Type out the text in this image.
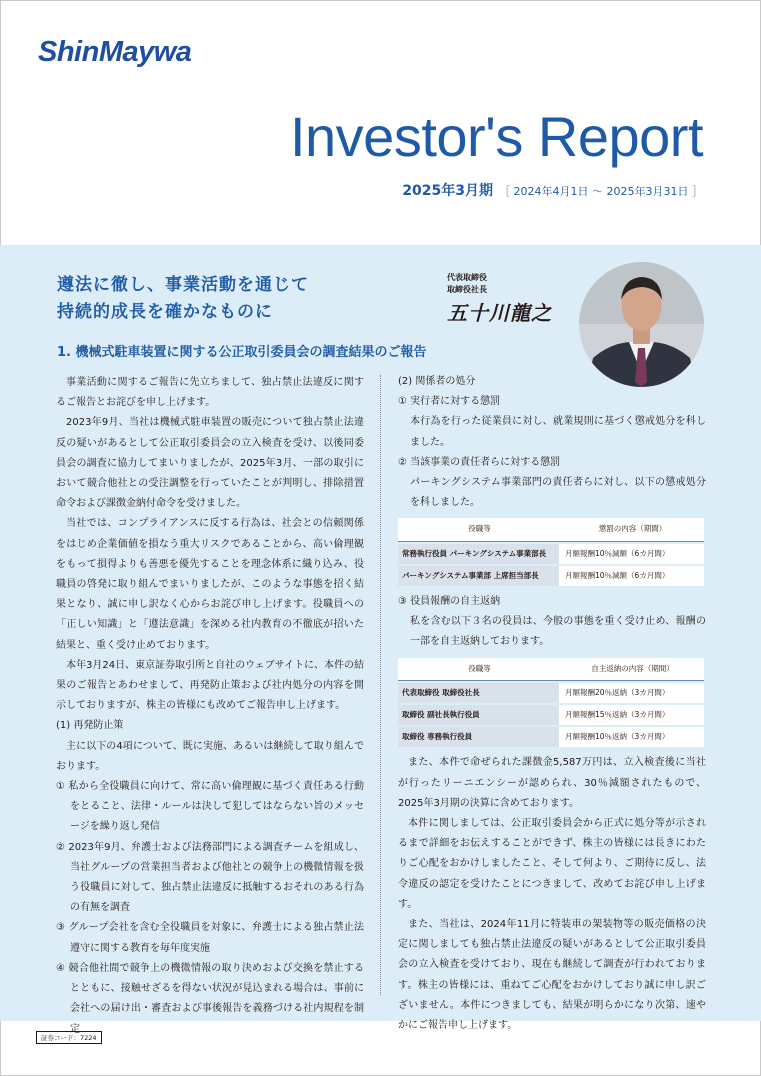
ShinMaywa
Investor's Report
2025年3月期 ［ 2024年4月1日 ～ 2025年3月31日 ］
遵法に徹し、事業活動を通じて
持続的成長を確かなものに
代表取締役
取締役社長
五十川龍之
1. 機械式駐車装置に関する公正取引委員会の調査結果のご報告

事業活動に関するご報告に先立ちまして、独占禁止法違反に関するご報告とお詫びを申し上げます。

2023年9月、当社は機械式駐車装置の販売について独占禁止法違反の疑いがあるとして公正取引委員会の立入検査を受け、以後同委員会の調査に協力してまいりましたが、2025年3月、一部の取引において競合他社との受注調整を行っていたことが判明し、排除措置命令および課徴金納付命令を受けました。

当社では、コンプライアンスに反する行為は、社会との信頼関係をはじめ企業価値を損なう重大リスクであることから、高い倫理観をもって損得よりも善悪を優先することを理念体系に織り込み、役職員の啓発に取り組んでまいりましたが、このような事態を招く結果となり、誠に申し訳なく心からお詫び申し上げます。役職員への「正しい知識」と「遵法意識」を深める社内教育の不徹底が招いた結果と、重く受け止めております。

本年3月24日、東京証券取引所と自社のウェブサイトに、本件の結果のご報告とあわせまして、再発防止策および社内処分の内容を開示しておりますが、株主の皆様にも改めてご報告申し上げます。

(1) 再発防止策

主に以下の4項について、既に実施、あるいは継続して取り組んでおります。

① 私から全役職員に向けて、常に高い倫理観に基づく責任ある行動をとること、法律・ルールは決して犯してはならない旨のメッセージを繰り返し発信

② 2023年9月、弁護士および法務部門による調査チームを組成し、当社グループの営業担当者および他社との競争上の機微情報を扱う役職員に対して、独占禁止法違反に抵触するおそれのある行為の有無を調査

③ グループ会社を含む全役職員を対象に、弁護士による独占禁止法遵守に関する教育を毎年度実施

④ 競合他社間で競争上の機微情報の取り決めおよび交換を禁止するとともに、接触せざるを得ない状況が見込まれる場合は、事前に会社への届け出・審査および事後報告を義務づける社内規程を制定

(2) 関係者の処分

① 実行者に対する懲罰

本行為を行った従業員に対し、就業規則に基づく懲戒処分を科しました。

② 当該事業の責任者らに対する懲罰

パーキングシステム事業部門の責任者らに対し、以下の懲戒処分を科しました。

役職等	懲罰の内容（期間）
常務執行役員 パーキングシステム事業部長	月額報酬10％減額（6カ月間）
パーキングシステム事業部 上席担当部長	月額報酬10％減額（6カ月間）

③ 役員報酬の自主返納

私を含む以下３名の役員は、今般の事態を重く受け止め、報酬の一部を自主返納しております。

役職等	自主返納の内容（期間）
代表取締役 取締役社長	月額報酬20％返納（3カ月間）
取締役 副社長執行役員	月額報酬15％返納（3カ月間）
取締役 専務執行役員	月額報酬10％返納（3カ月間）

また、本件で命ぜられた課徴金5,587万円は、立入検査後に当社が行ったリーニエンシーが認められ、30％減額されたもので、2025年3月期の決算に含めております。

本件に関しましては、公正取引委員会から正式に処分等が示されるまで詳細をお伝えすることができず、株主の皆様には長きにわたりご心配をおかけしましたこと、そして何より、ご期待に反し、法令違反の認定を受けたことにつきまして、改めてお詫び申し上げます。

また、当社は、2024年11月に特装車の架装物等の販売価格の決定に関しましても独占禁止法違反の疑いがあるとして公正取引委員会の立入検査を受けており、現在も継続して調査が行われております。株主の皆様には、重ねてご心配をおかけしており誠に申し訳ございません。本件につきましても、結果が明らかになり次第、速やかにご報告申し上げます。

証券コード：7224
